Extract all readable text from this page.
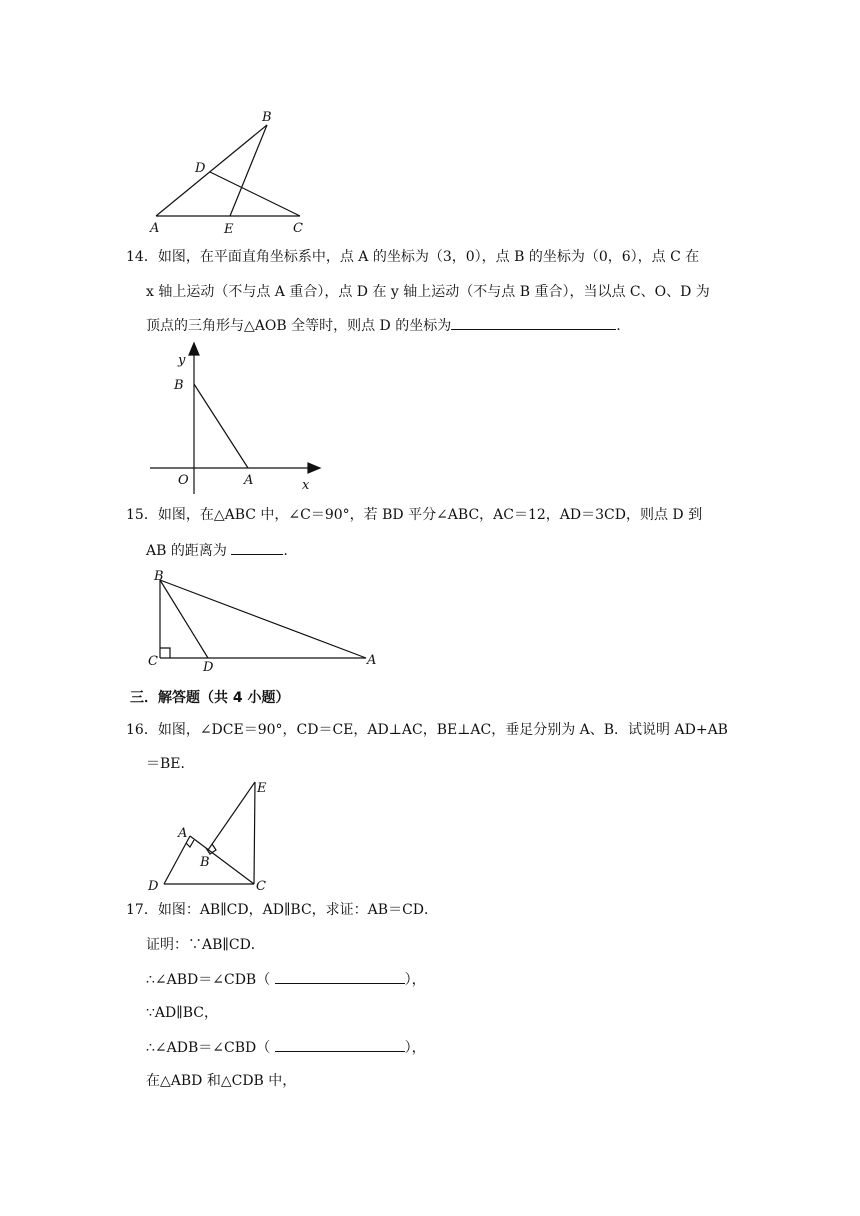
B
D
A	E	C
14．如图，在平面直角坐标系中，点 A 的坐标为（3，0），点 B 的坐标为（0，6），点 C 在
x 轴上运动（不与点 A 重合），点 D 在 y 轴上运动（不与点 B 重合），当以点 C、O、D 为
顶点的三角形与△AOB 全等时，则点 D 的坐标为	.
y
B
O	A	x
15．如图，在△ABC 中，∠C＝90°，若 BD 平分∠ABC，AC＝12，AD＝3CD，则点 D 到
AB 的距离为	.
B
C	D	A
三．解答题（共 4 小题）
16．如图，∠DCE＝90°，CD＝CE，AD⊥AC，BE⊥AC，垂足分别为 A、B．试说明 AD+AB
＝BE．
E
A
B
D	C
17．如图：AB∥CD，AD∥BC，求证：AB＝CD．
证明：∵AB∥CD．
∴∠ABD＝∠CDB（	），
∵AD∥BC，
∴∠ADB＝∠CBD（	），
在△ABD 和△CDB 中，
